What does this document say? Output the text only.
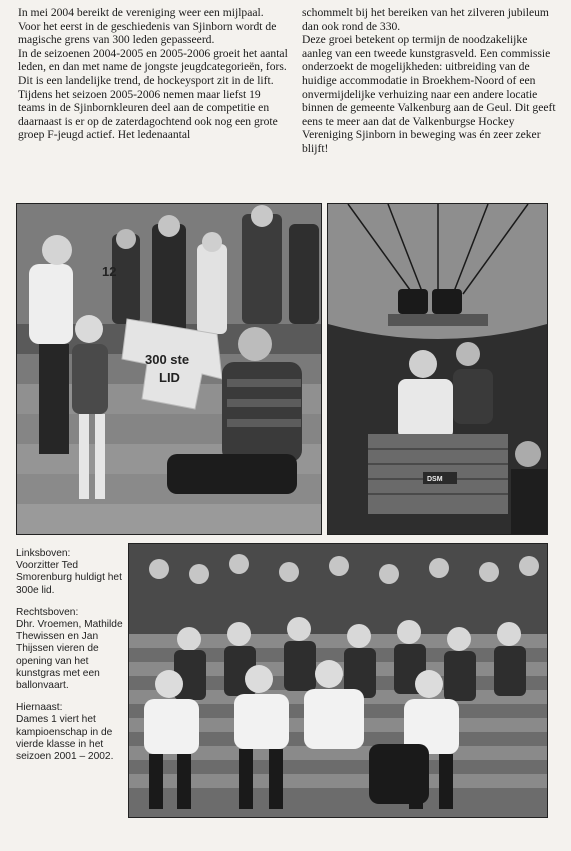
In mei 2004 bereikt de vereniging weer een mijlpaal. Voor het eerst in de geschiedenis van Sjinborn wordt de magische grens van 300 leden gepasseerd.

In de seizoenen 2004-2005 en 2005-2006 groeit het aantal leden, en dan met name de jongste jeugdcategorieën, fors. Dit is een landelijke trend, de hockeysport zit in de lift. Tijdens het seizoen 2005-2006 nemen maar liefst 19 teams in de Sjinbornkleuren deel aan de competitie en daarnaast is er op de zaterdagochtend ook nog een grote groep F-jeugd actief. Het ledenaantal

schommelt bij het bereiken van het zilveren jubileum dan ook rond de 330.

Deze groei betekent op termijn de noodzakelijke aanleg van een tweede kunstgrasveld. Een commissie onderzoekt de mogelijkheden: uitbreiding van de huidige accommodatie in Broekhem-Noord of een onvermijdelijke verhuizing naar een andere locatie binnen de gemeente Valkenburg aan de Geul. Dit geeft eens te meer aan dat de Valkenburgse Hockey Vereniging Sjinborn in beweging was én zeer zeker blijft!

300 ste
LID
12
DSM

Linksboven:
Voorzitter Ted Smorenburg huldigt het 300e lid.

Rechtsboven:
Dhr. Vroemen, Mathilde Thewissen en Jan Thijssen vieren de opening van het kunstgras met een ballonvaart.

Hiernaast:
Dames 1 viert het kampioenschap in de vierde klasse in het seizoen 2001 – 2002.
